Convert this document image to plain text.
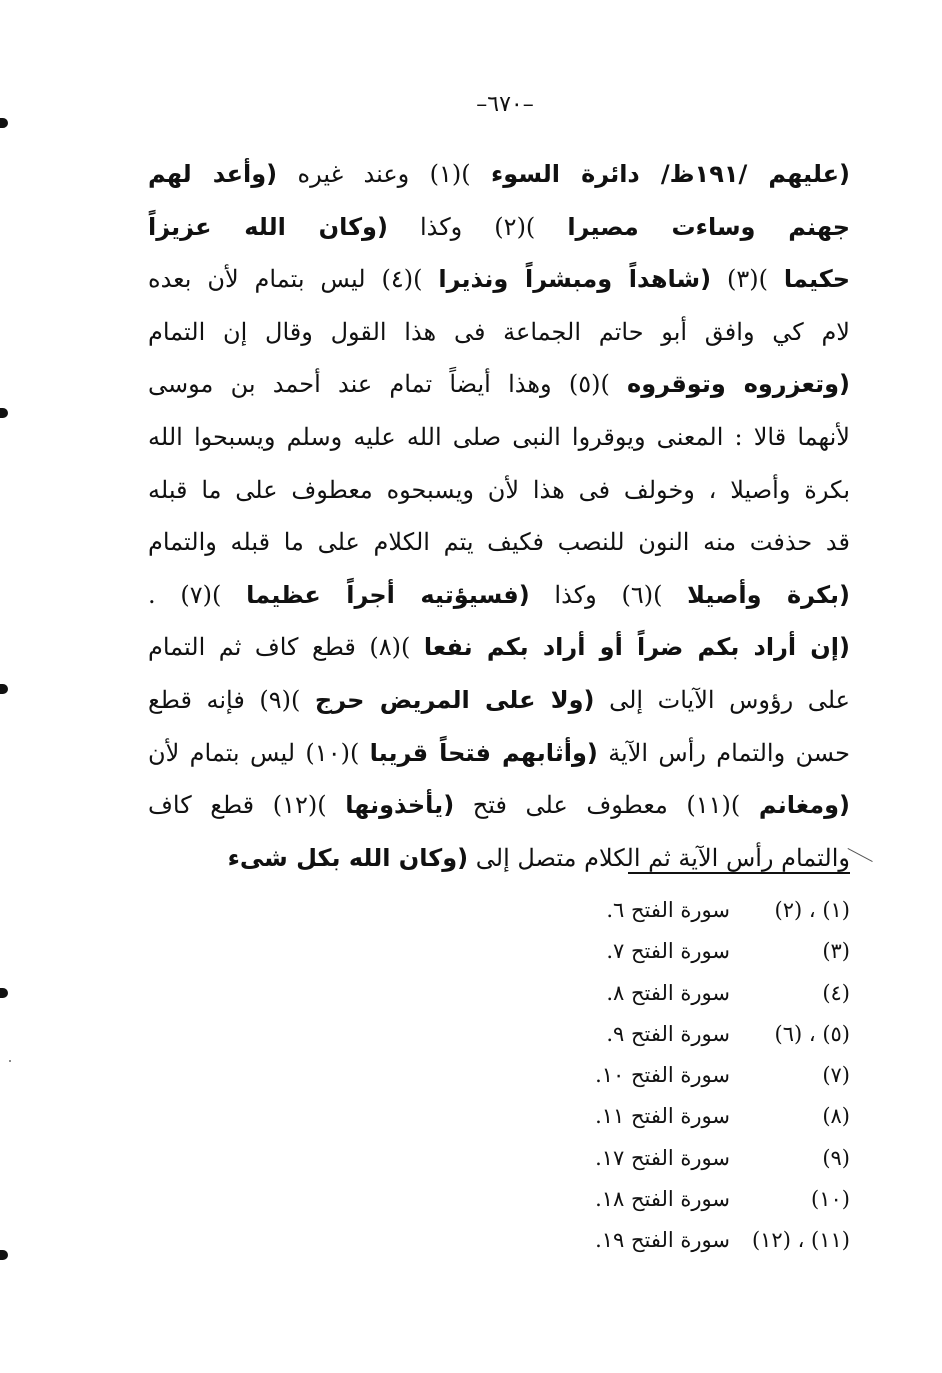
–٦٧٠–
(علیهم /١٩١ظ/ دائرة السوء )(١) وعند غيره (وأعد لهم
جهنم وساءت مصيرا )(٢) وكذا (وكان الله عزيزاً
حكيما )(٣) (شاهداً ومبشراً ونذيرا )(٤) ليس بتمام لأن بعده
لام كي وافق أبو حاتم الجماعة فى هذا القول وقال إن التمام
(وتعزروه وتوقروه )(٥) وهذا أيضاً تمام عند أحمد بن موسى
لأنهما قالا : المعنى ويوقروا النبى صلى الله عليه وسلم ويسبحوا الله
بكرة وأصيلا ، وخولف فى هذا لأن ويسبحوه معطوف على ما قبله
قد حذفت منه النون للنصب فكيف يتم الكلام على ما قبله والتمام
(بكرة وأصيلا )(٦) وكذا (فسيؤتيه أجراً عظيما )(٧) .
(إن أراد بكم ضراً أو أراد بكم نفعا )(٨) قطع كاف ثم التمام
على رؤوس الآيات إلى (ولا على المريض حرج )(٩) فإنه قطع
حسن والتمام رأس الآية (وأثابهم فتحاً قريبا )(١٠) ليس بتمام لأن
(ومغانم )(١١) معطوف على فتح (يأخذونها )(١٢) قطع كاف
والتمام رأس الآية ثم الكلام متصل إلى (وكان الله بكل شىء
(١) ، (٢)
سورة الفتح ٦.
(٣)
سورة الفتح ٧.
(٤)
سورة الفتح ٨.
(٥) ، (٦)
سورة الفتح ٩.
(٧)
سورة الفتح ١٠.
(٨)
سورة الفتح ١١.
(٩)
سورة الفتح ١٧.
(١٠)
سورة الفتح ١٨.
(١١) ، (١٢)
سورة الفتح ١٩.
